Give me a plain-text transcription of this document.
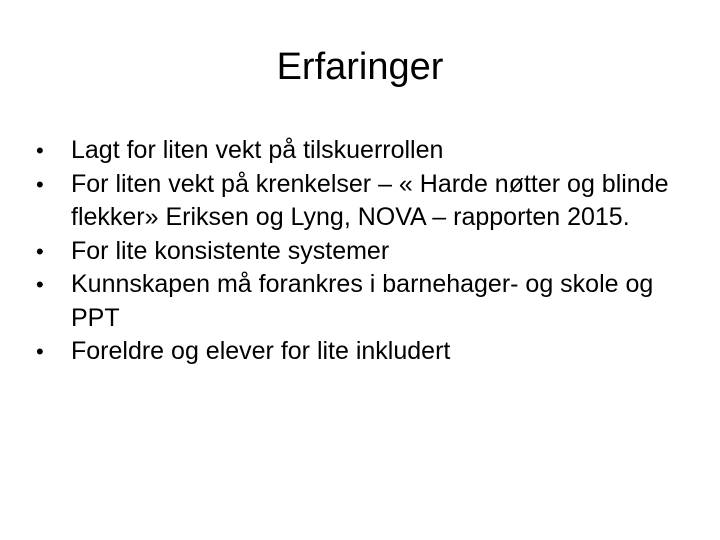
Erfaringer
•	Lagt for liten vekt på tilskuerrollen
•	For liten vekt på krenkelser – « Harde nøtter og blinde flekker» Eriksen og Lyng, NOVA – rapporten 2015.
•	For lite konsistente systemer
•	Kunnskapen må forankres i barnehager- og skole og PPT
•	Foreldre og elever for lite inkludert
